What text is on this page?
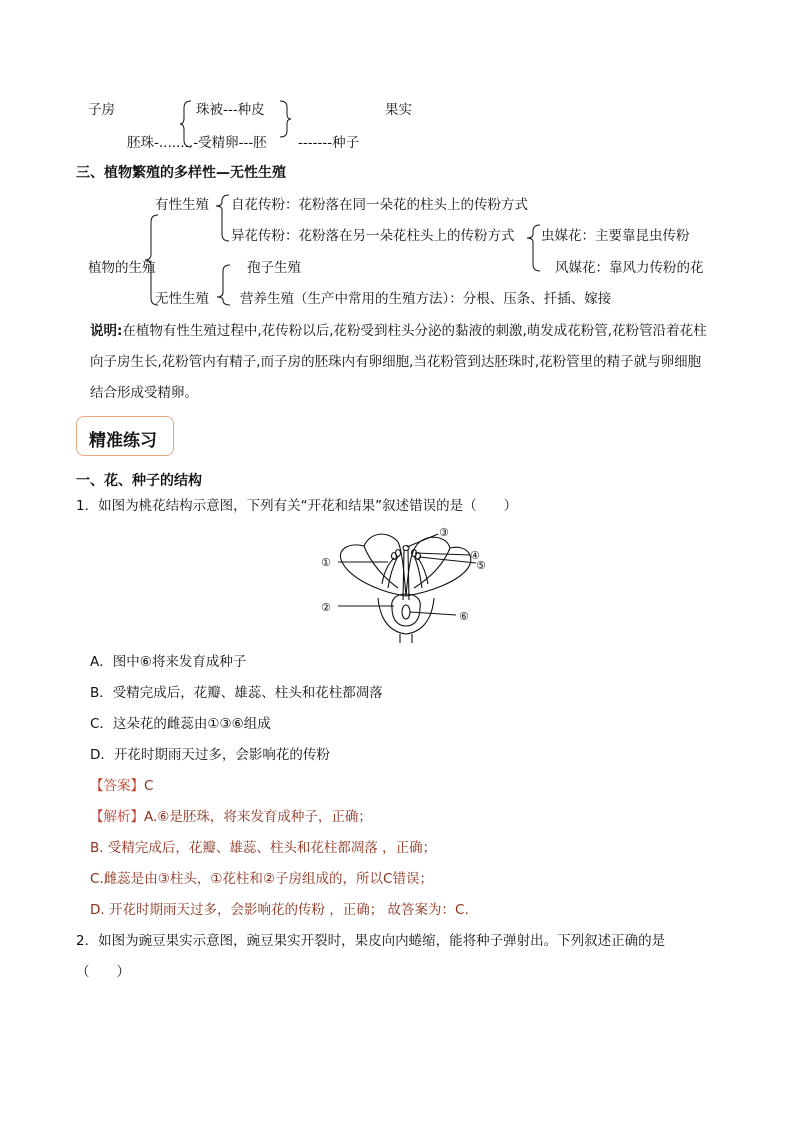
子房	珠被---种皮	果实
胚珠-........-受精卵---胚 -------种子
三、植物繁殖的多样性—无性生殖
有性生殖 自花传粉：花粉落在同一朵花的柱头上的传粉方式
异花传粉：花粉落在另一朵花柱头上的传粉方式 虫媒花：主要靠昆虫传粉
风媒花：靠风力传粉的花
植物的生殖
无性生殖
孢子生殖
营养生殖（生产中常用的生殖方法）：分根、压条、扦插、嫁接
说明:在植物有性生殖过程中,花传粉以后,花粉受到柱头分泌的黏液的刺激,萌发成花粉管,花粉管沿着花柱
向子房生长,花粉管内有精子,而子房的胚珠内有卵细胞,当花粉管到达胚珠时,花粉管里的精子就与卵细胞
结合形成受精卵。
精准练习
一、花、种子的结构
1．如图为桃花结构示意图，下列有关“开花和结果”叙述错误的是（　　）
①
②
③
④
⑤
⑥
A．图中⑥将来发育成种子
B．受精完成后，花瓣、雄蕊、柱头和花柱都凋落
C．这朵花的雌蕊由①③⑥组成
D．开花时期雨天过多，会影响花的传粉
【答案】C
【解析】A.⑥是胚珠，将来发育成种子，正确；
B. 受精完成后，花瓣、雄蕊、柱头和花柱都凋落 ，正确；
C.雌蕊是由③柱头，①花柱和②子房组成的，所以C错误；
D. 开花时期雨天过多，会影响花的传粉 ，正确； 故答案为：C.
2．如图为豌豆果实示意图，豌豆果实开裂时，果皮向内蜷缩，能将种子弹射出。下列叙述正确的是
（　　）
